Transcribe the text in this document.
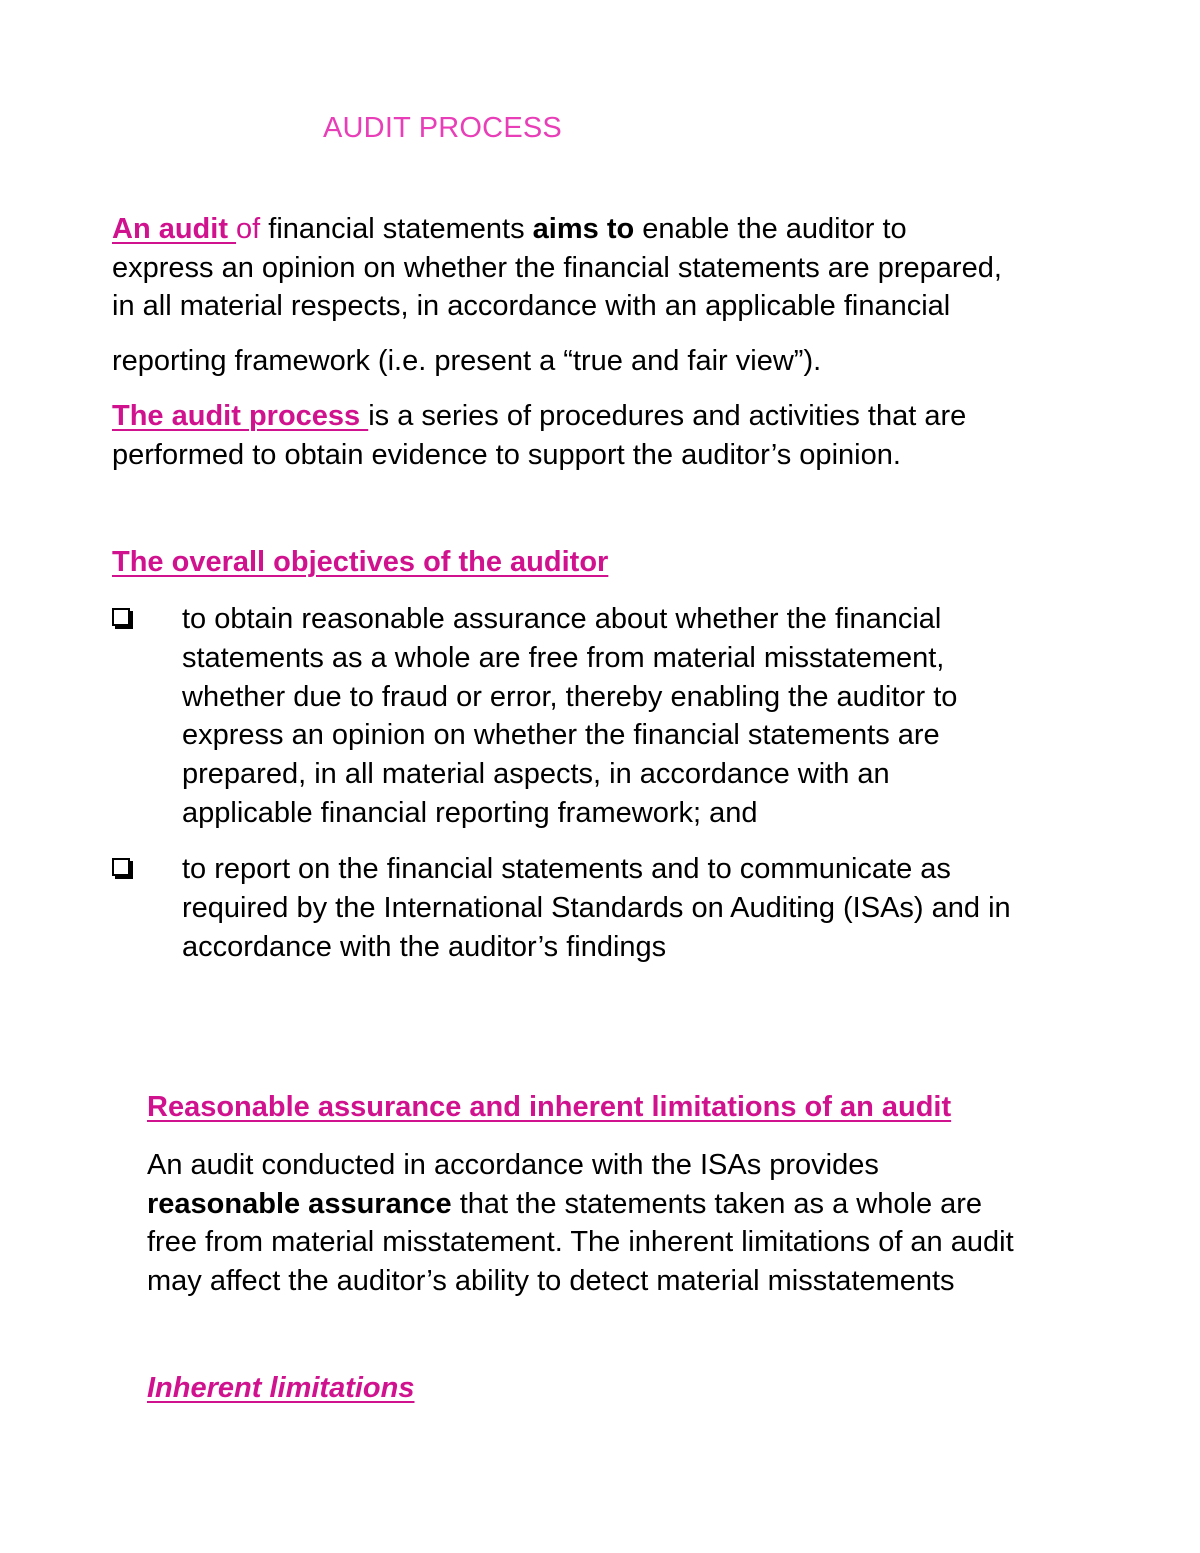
AUDIT PROCESS
An audit of financial statements aims to enable the auditor to
express an opinion on whether the financial statements are prepared,
in all material respects, in accordance with an applicable financial
reporting framework (i.e. present a “true and fair view”).
The audit process is a series of procedures and activities that are
performed to obtain evidence to support the auditor’s opinion.
The overall objectives of the auditor
to obtain reasonable assurance about whether the financial
statements as a whole are free from material misstatement,
whether due to fraud or error, thereby enabling the auditor to
express an opinion on whether the financial statements are
prepared, in all material aspects, in accordance with an
applicable financial reporting framework; and
to report on the financial statements and to communicate as
required by the International Standards on Auditing (ISAs) and in
accordance with the auditor’s findings
Reasonable assurance and inherent limitations of an audit
An audit conducted in accordance with the ISAs provides
reasonable assurance that the statements taken as a whole are
free from material misstatement. The inherent limitations of an audit
may affect the auditor’s ability to detect material misstatements
Inherent limitations
